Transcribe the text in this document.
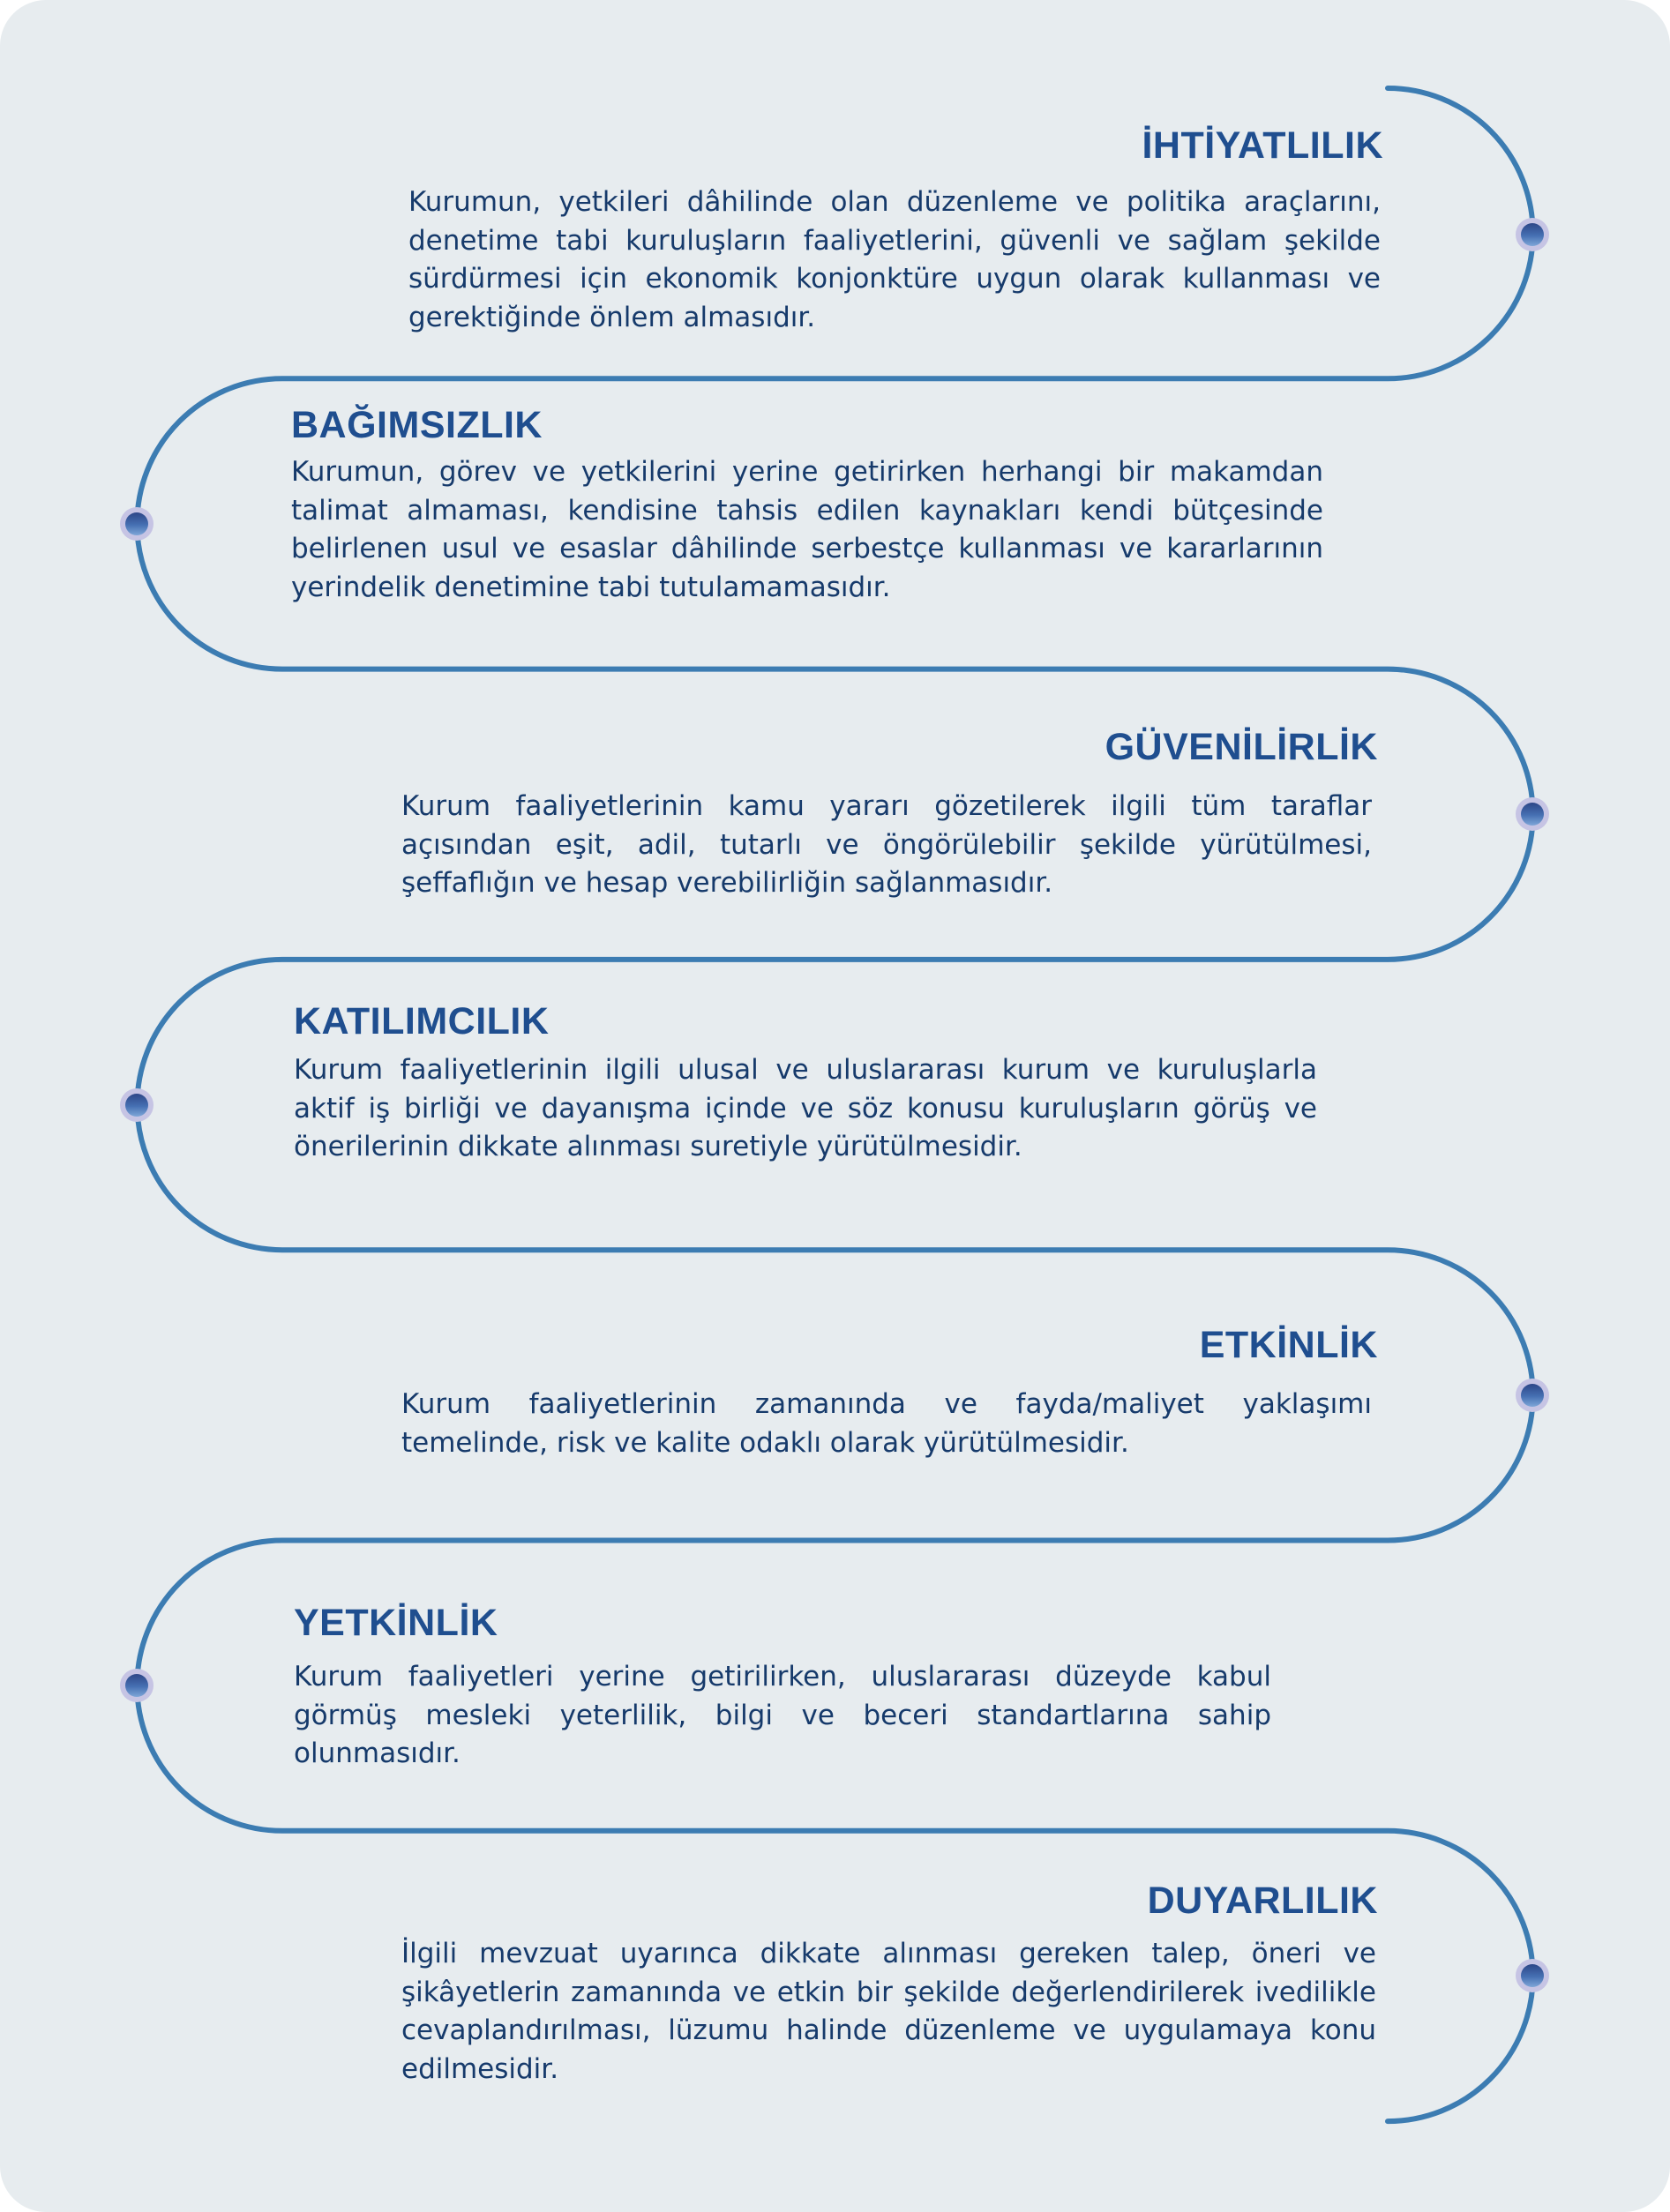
İHTİYATLILIK
Kurumun, yetkileri dâhilinde olan düzenleme ve politika araçlarını, denetime tabi kuruluşların faaliyetlerini, güvenli ve sağlam şekilde sürdürmesi için ekonomik konjonktüre uygun olarak kullanması ve gerektiğinde önlem almasıdır.
BAĞIMSIZLIK
Kurumun, görev ve yetkilerini yerine getirirken herhangi bir makamdan talimat almaması, kendisine tahsis edilen kaynakları kendi bütçesinde belirlenen usul ve esaslar dâhilinde serbestçe kullanması ve kararlarının yerindelik denetimine tabi tutulamamasıdır.
GÜVENİLİRLİK
Kurum faaliyetlerinin kamu yararı gözetilerek ilgili tüm taraflar açısından eşit, adil, tutarlı ve öngörülebilir şekilde yürütülmesi, şeffaflığın ve hesap verebilirliğin sağlanmasıdır.
KATILIMCILIK
Kurum faaliyetlerinin ilgili ulusal ve uluslararası kurum ve kuruluşlarla aktif iş birliği ve dayanışma içinde ve söz konusu kuruluşların görüş ve önerilerinin dikkate alınması suretiyle yürütülmesidir.
ETKİNLİK
Kurum faaliyetlerinin zamanında ve fayda/maliyet yaklaşımı temelinde, risk ve kalite odaklı olarak yürütülmesidir.
YETKİNLİK
Kurum faaliyetleri yerine getirilirken, uluslararası düzeyde kabul görmüş mesleki yeterlilik, bilgi ve beceri standartlarına sahip olunmasıdır.
DUYARLILIK
İlgili mevzuat uyarınca dikkate alınması gereken talep, öneri ve şikâyetlerin zamanında ve etkin bir şekilde değerlendirilerek ivedilikle cevaplandırılması, lüzumu halinde düzenleme ve uygulamaya konu edilmesidir.
